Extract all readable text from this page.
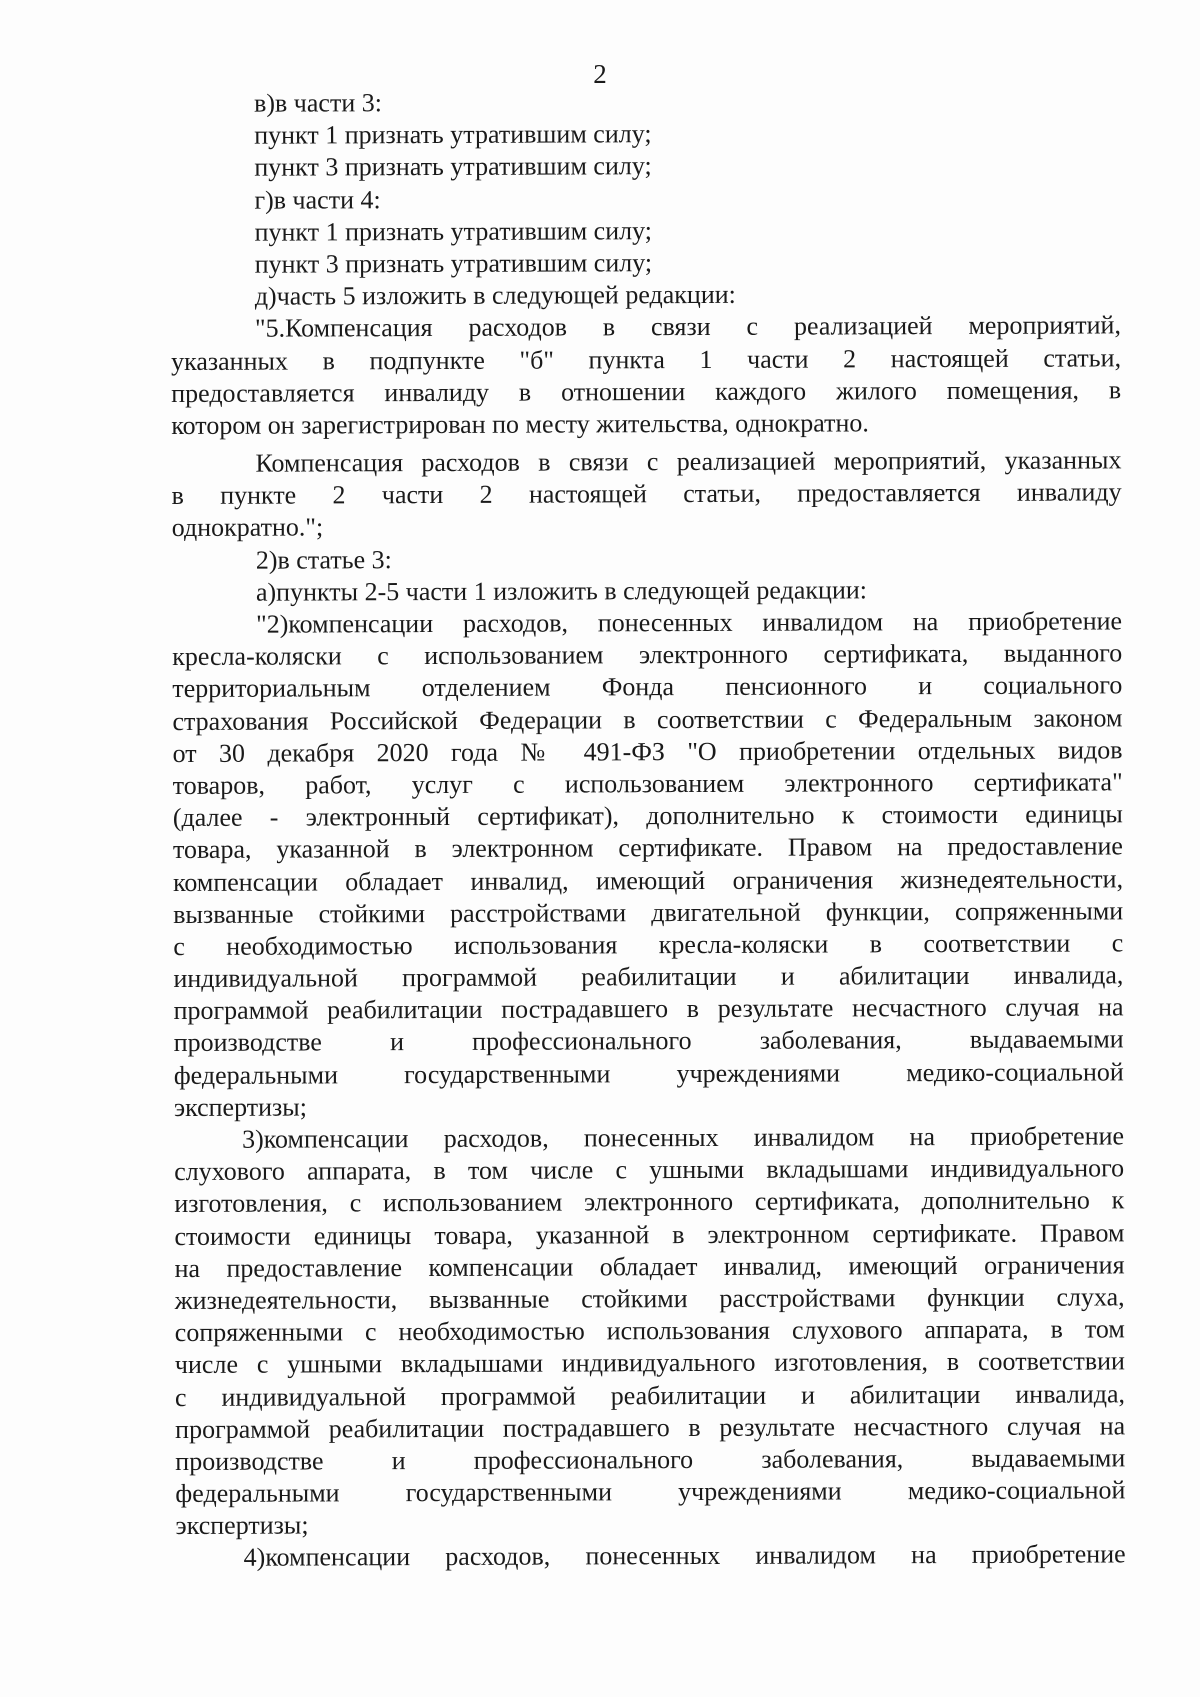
2
в)в части 3:
пункт 1 признать утратившим силу;
пункт 3 признать утратившим силу;
г)в части 4:
пункт 1 признать утратившим силу;
пункт 3 признать утратившим силу;
д)часть 5 изложить в следующей редакции:
"5.Компенсация расходов в связи с реализацией мероприятий,
указанных в подпункте "б" пункта 1 части 2 настоящей статьи,
предоставляется инвалиду в отношении каждого жилого помещения, в
котором он зарегистрирован по месту жительства, однократно.
Компенсация расходов в связи с реализацией мероприятий, указанных
в пункте 2 части 2 настоящей статьи, предоставляется инвалиду
однократно.";
2)в статье 3:
а)пункты 2-5 части 1 изложить в следующей редакции:
"2)компенсации расходов, понесенных инвалидом на приобретение
кресла-коляски с использованием электронного сертификата, выданного
территориальным отделением Фонда пенсионного и социального
страхования Российской Федерации в соответствии с Федеральным законом
от 30 декабря 2020 года № 491-ФЗ "О приобретении отдельных видов
товаров, работ, услуг с использованием электронного сертификата"
(далее - электронный сертификат), дополнительно к стоимости единицы
товара, указанной в электронном сертификате. Правом на предоставление
компенсации обладает инвалид, имеющий ограничения жизнедеятельности,
вызванные стойкими расстройствами двигательной функции, сопряженными
с необходимостью использования кресла-коляски в соответствии с
индивидуальной программой реабилитации и абилитации инвалида,
программой реабилитации пострадавшего в результате несчастного случая на
производстве и профессионального заболевания, выдаваемыми
федеральными государственными учреждениями медико-социальной
экспертизы;
3)компенсации расходов, понесенных инвалидом на приобретение
слухового аппарата, в том числе с ушными вкладышами индивидуального
изготовления, с использованием электронного сертификата, дополнительно к
стоимости единицы товара, указанной в электронном сертификате. Правом
на предоставление компенсации обладает инвалид, имеющий ограничения
жизнедеятельности, вызванные стойкими расстройствами функции слуха,
сопряженными с необходимостью использования слухового аппарата, в том
числе с ушными вкладышами индивидуального изготовления, в соответствии
с индивидуальной программой реабилитации и абилитации инвалида,
программой реабилитации пострадавшего в результате несчастного случая на
производстве и профессионального заболевания, выдаваемыми
федеральными государственными учреждениями медико-социальной
экспертизы;
4)компенсации расходов, понесенных инвалидом на приобретение
